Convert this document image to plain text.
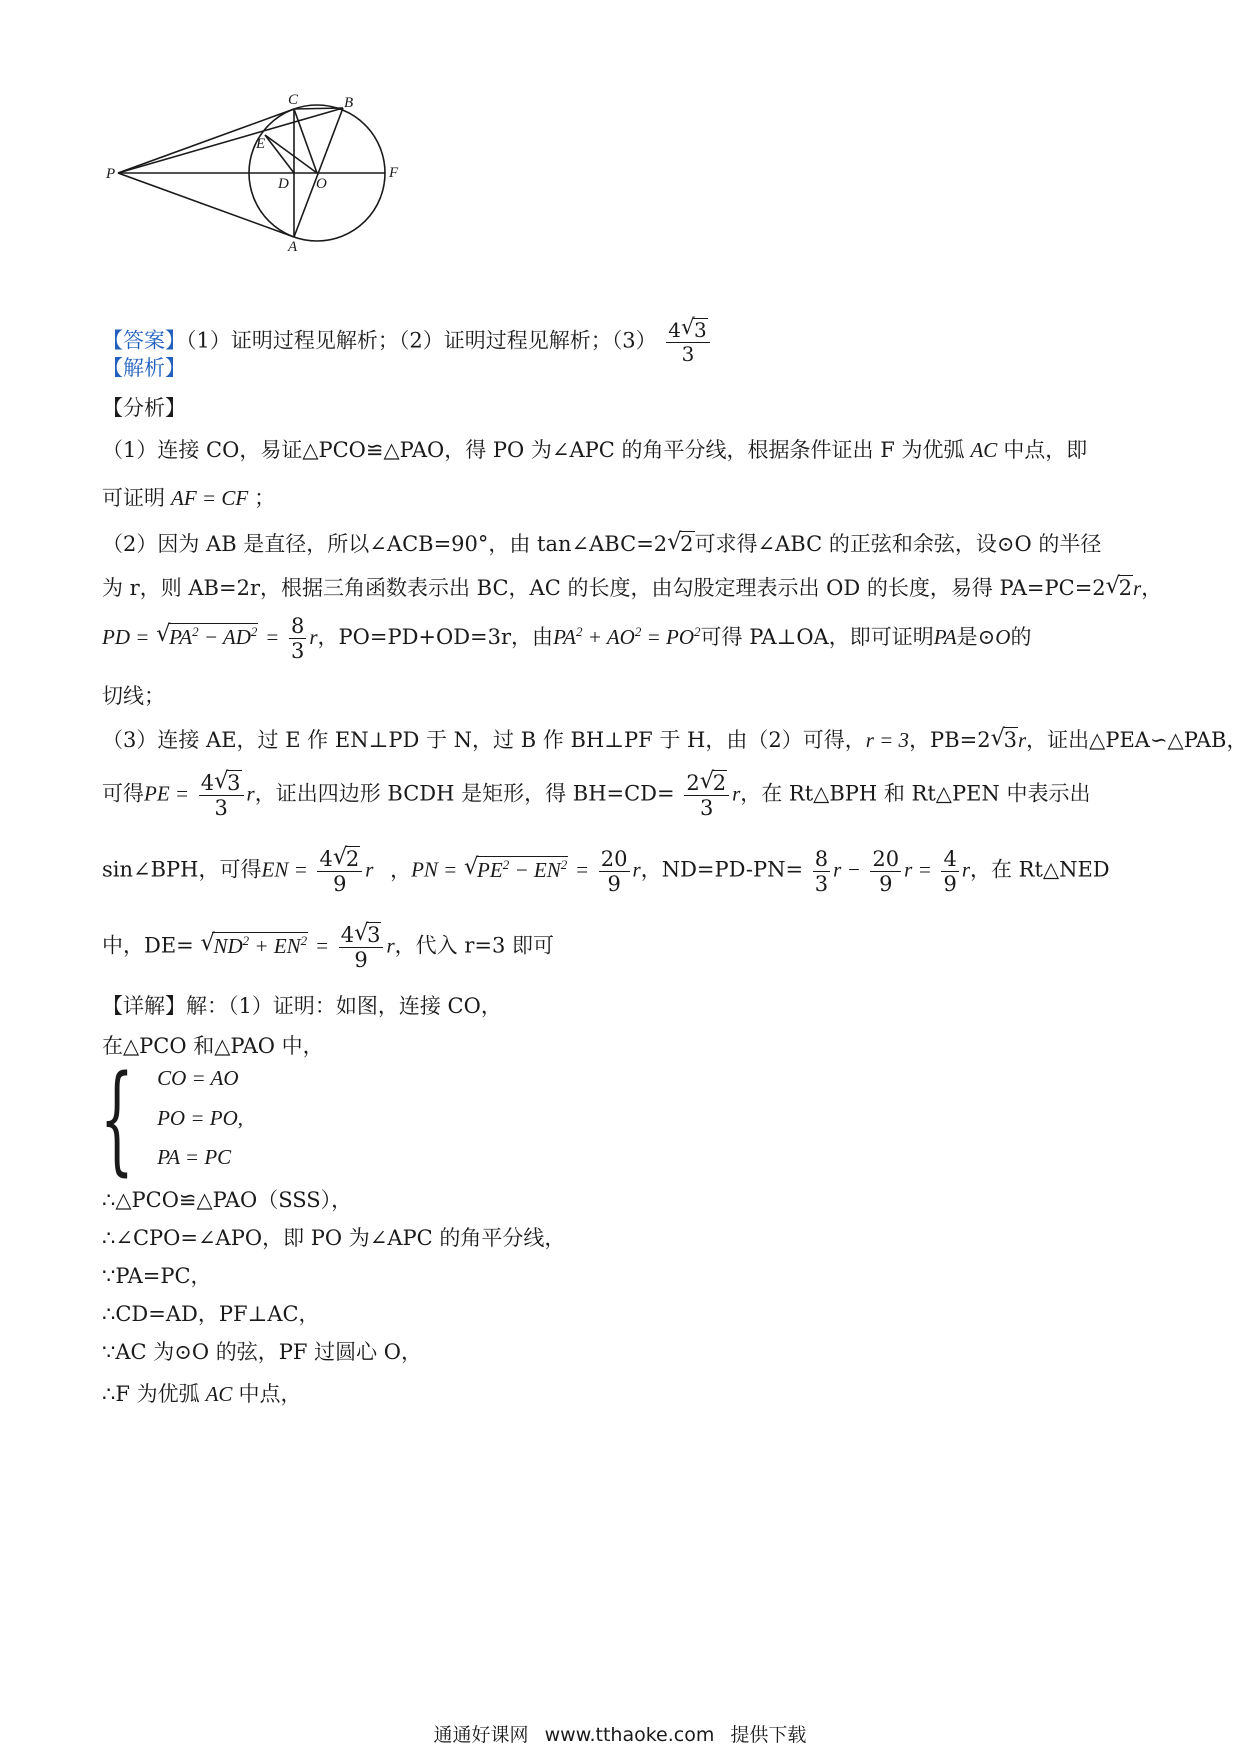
P
C	B
E
D O
F
A
【答案】（1）证明过程见解析；（2）证明过程见解析；$(3) \frac{4 √ 3}{3}$
【解析】
【分析】
（1）连接 CO，易证△PCO≌△PAO，得 PO 为∠APC 的角平分线，根据条件证出 F 为优弧 AC 中点，即
可证明 AF = CF ；
（2）因为 AB 是直径，所以∠ACB=90°，由 tan∠ABC=2 √ 2可求得∠ABC 的正弦和余弦，设⊙O 的半径
为 r，则 AB=2r，根据三角函数表示出 BC，AC 的长度，由勾股定理表示出 OD 的长度，易得 PA=PC=2 √ 2r，
PD = √ $PA^2 - AD^2 = \frac{8}{3}$ r，PO=PD+OD=3r，由$PA^2 + AO^2 = PO^2$可得 PA⊥OA，即可证明PA是⊙O的
切线；
（3）连接 AE，过 E 作 EN⊥PD 于 N，过 B 作 BH⊥PF 于 H，由（2）可得，r = 3，PB=2 √ 3r，证出△PEA∽△PAB，
可得PE = $\frac{4 √ 3}{3}$ r，证出四边形 BCDH 是矩形，得 $BH=CD= \frac{2 √ 2}{3}$ r，在 Rt△BPH 和 Rt△PEN 中表示出
sin∠BPH，可得EN = $\frac{4 √ 2}{9}$ r ，PN = √ $PE^2 - EN^2 = \frac{20}{9}$ r，$ND=PD-PN= \frac{8}{3}$ $r - \frac{20}{9}$ $r = \frac{4}{9}$ r，在 Rt△NED
中，DE= √ $ND^2 + EN^2 = \frac{4 √ 3}{9}$ r，代入 r=3 即可
【详解】解：（1）证明：如图，连接 CO，
在△PCO 和△PAO 中，
{ CO = AO
PO = PO,
PA = PC
∴△PCO≌△PAO（SSS），
∴∠CPO=∠APO，即 PO 为∠APC 的角平分线，
∵PA=PC，
∴CD=AD，PF⊥AC，
∵AC 为⊙O 的弦，PF 过圆心 O，
∴F 为优弧 AC 中点，
通通好课网 www.tthaoke.com 提供下载
